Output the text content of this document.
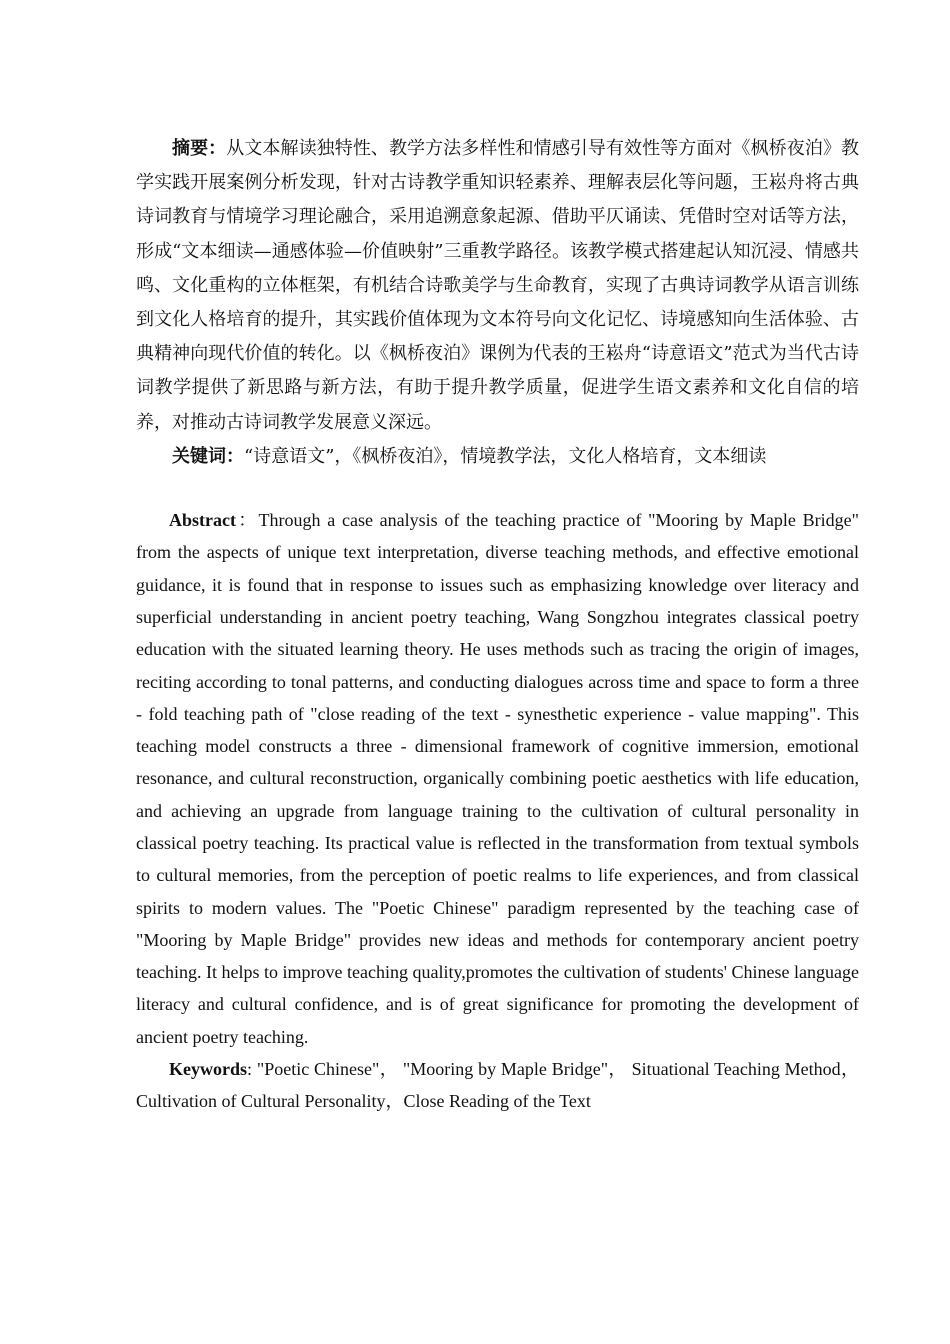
摘要：从文本解读独特性、教学方法多样性和情感引导有效性等方面对《枫桥夜泊》教学实践开展案例分析发现，针对古诗教学重知识轻素养、理解表层化等问题，王崧舟将古典诗词教育与情境学习理论融合，采用追溯意象起源、借助平仄诵读、凭借时空对话等方法，形成“文本细读—通感体验—价值映射”三重教学路径。该教学模式搭建起认知沉浸、情感共鸣、文化重构的立体框架，有机结合诗歌美学与生命教育，实现了古典诗词教学从语言训练到文化人格培育的提升，其实践价值体现为文本符号向文化记忆、诗境感知向生活体验、古典精神向现代价值的转化。以《枫桥夜泊》课例为代表的王崧舟“诗意语文”范式为当代古诗词教学提供了新思路与新方法，有助于提升教学质量，促进学生语文素养和文化自信的培养，对推动古诗词教学发展意义深远。

关键词：“诗意语文”，《枫桥夜泊》，情境教学法，文化人格培育，文本细读

Abstract：Through a case analysis of the teaching practice of "Mooring by Maple Bridge" from the aspects of unique text interpretation, diverse teaching methods, and effective emotional guidance, it is found that in response to issues such as emphasizing knowledge over literacy and superficial understanding in ancient poetry teaching, Wang Songzhou integrates classical poetry education with the situated learning theory. He uses methods such as tracing the origin of images, reciting according to tonal patterns, and conducting dialogues across time and space to form a three - fold teaching path of "close reading of the text - synesthetic experience - value mapping". This teaching model constructs a three - dimensional framework of cognitive immersion, emotional resonance, and cultural reconstruction, organically combining poetic aesthetics with life education, and achieving an upgrade from language training to the cultivation of cultural personality in classical poetry teaching. Its practical value is reflected in the transformation from textual symbols to cultural memories, from the perception of poetic realms to life experiences, and from classical spirits to modern values. The "Poetic Chinese" paradigm represented by the teaching case of "Mooring by Maple Bridge" provides new ideas and methods for contemporary ancient poetry teaching. It helps to improve teaching quality,promotes the cultivation of students' Chinese language literacy and cultural confidence, and is of great significance for promoting the development of ancient poetry teaching.

Keywords: "Poetic Chinese"， "Mooring by Maple Bridge"， Situational Teaching Method， Cultivation of Cultural Personality，Close Reading of the Text
